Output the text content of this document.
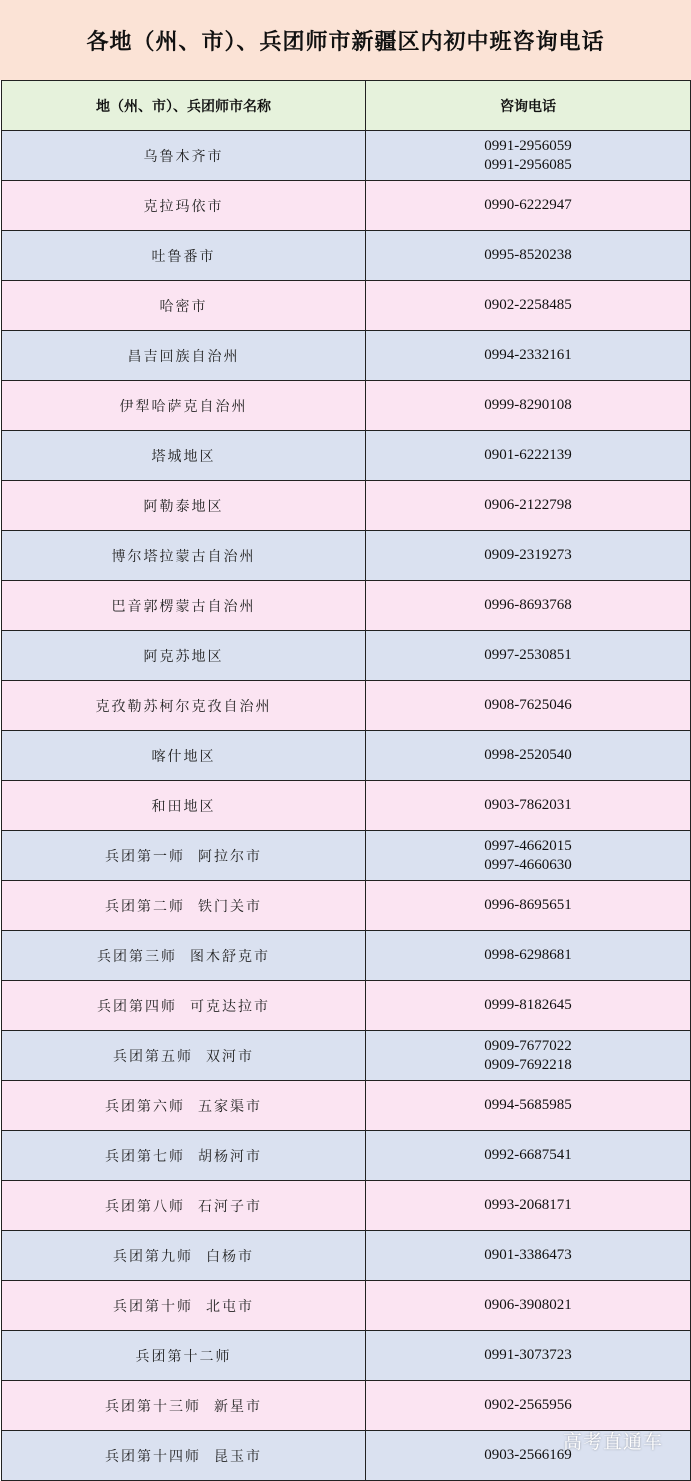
各地（州、市）、兵团师市新疆区内初中班咨询电话
地（州、市）、兵团师市名称	咨询电话
乌鲁木齐市	0991-2956059
0991-2956085

克拉玛依市	0990-6222947

吐鲁番市	0995-8520238

哈密市	0902-2258485

昌吉回族自治州	0994-2332161

伊犁哈萨克自治州	0999-8290108

塔城地区	0901-6222139

阿勒泰地区	0906-2122798

博尔塔拉蒙古自治州	0909-2319273

巴音郭楞蒙古自治州	0996-8693768

阿克苏地区	0997-2530851

克孜勒苏柯尔克孜自治州	0908-7625046

喀什地区	0998-2520540

和田地区	0903-7862031

兵团第一师  阿拉尔市	0997-4662015
0997-4660630

兵团第二师  铁门关市	0996-8695651

兵团第三师  图木舒克市	0998-6298681

兵团第四师  可克达拉市	0999-8182645

兵团第五师  双河市	0909-7677022
0909-7692218

兵团第六师  五家渠市	0994-5685985

兵团第七师  胡杨河市	0992-6687541

兵团第八师  石河子市	0993-2068171

兵团第九师  白杨市	0901-3386473

兵团第十师  北屯市	0906-3908021

兵团第十二师	0991-3073723

兵团第十三师  新星市	0902-2565956

兵团第十四师  昆玉市	0903-2566169
高考直通车
